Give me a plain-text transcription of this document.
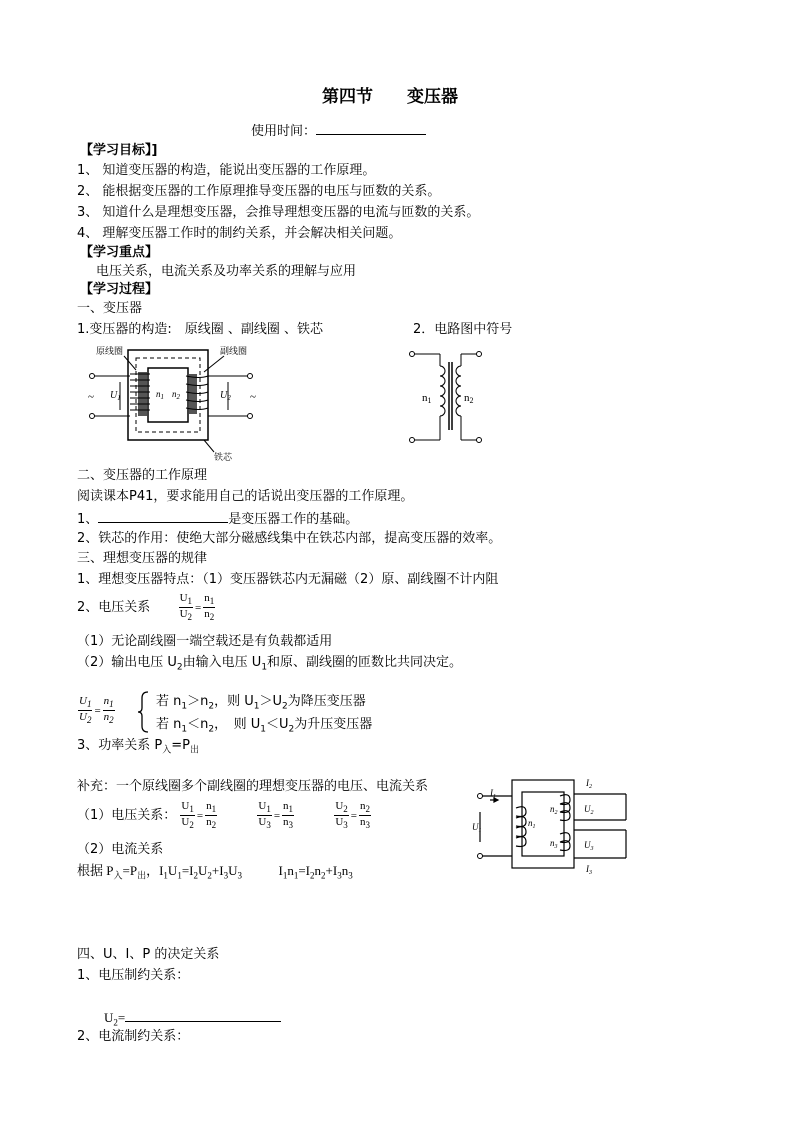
第四节　　变压器
使用时间：
【学习目标】]
1、 知道变压器的构造，能说出变压器的工作原理。
2、 能根据变压器的工作原理推导变压器的电压与匝数的关系。
3、 知道什么是理想变压器，会推导理想变压器的电流与匝数的关系。
4、 理解变压器工作时的制约关系，并会解决相关问题。
【学习重点】
电压关系，电流关系及功率关系的理解与应用
【学习过程】
一、变压器
1.变压器的构造:　原线圈 、副线圈 、铁芯	2．电路图中符号
原线圈	副线圈
铁芯
~	~
$U_1$	$U_2$
$n_1$ $n_2$	n1	n2
二、变压器的工作原理
阅读课本P41，要求能用自己的话说出变压器的工作原理。
1、	是变压器工作的基础。
2、铁芯的作用：使绝大部分磁感线集中在铁芯内部，提高变压器的效率。
三、理想变压器的规律
1、理想变压器特点：（1）变压器铁芯内无漏磁（2）原、副线圈不计内阻
2、电压关系	$\frac{U_1}{U_2} = \frac{n_1}{n_2}$
（1）无论副线圈一端空载还是有负载都适用
（2）输出电压 $U_2$由输入电压 $U_1$和原、副线圈的匝数比共同决定。
$\frac{U_1}{U_2} = \frac{n_1}{n_2}$	若 $n_1>n_2$，则 $U_1>U_2$为降压变压器
若 $n_1<n_2$，　则 $U_1<U_2$为升压变压器
3、功率关系 $P_入=P_出$
补充：一个原线圈多个副线圈的理想变压器的电压、电流关系
（1）电压关系： $\frac{U_1}{U_2} = \frac{n_1}{n_2}$
	$\frac{U_1}{U_3} = \frac{n_1}{n_3}$
	$\frac{U_2}{U_3} = \frac{n_2}{n_3}$
（2）电流关系
根据 $P_入=P_出$，$I_1U_1=I_2U_2+I_3U_3$	$I_1n_1=I_2n_2+I_3n_3$
$I_1$
$U_1$
$n_1$
$n_2$
$n_3$
$I_2$
$U_2$
$U_3$
$I_3$
四、U、I、P 的决定关系
1、电压制约关系：
$U_2=$
2、电流制约关系：
